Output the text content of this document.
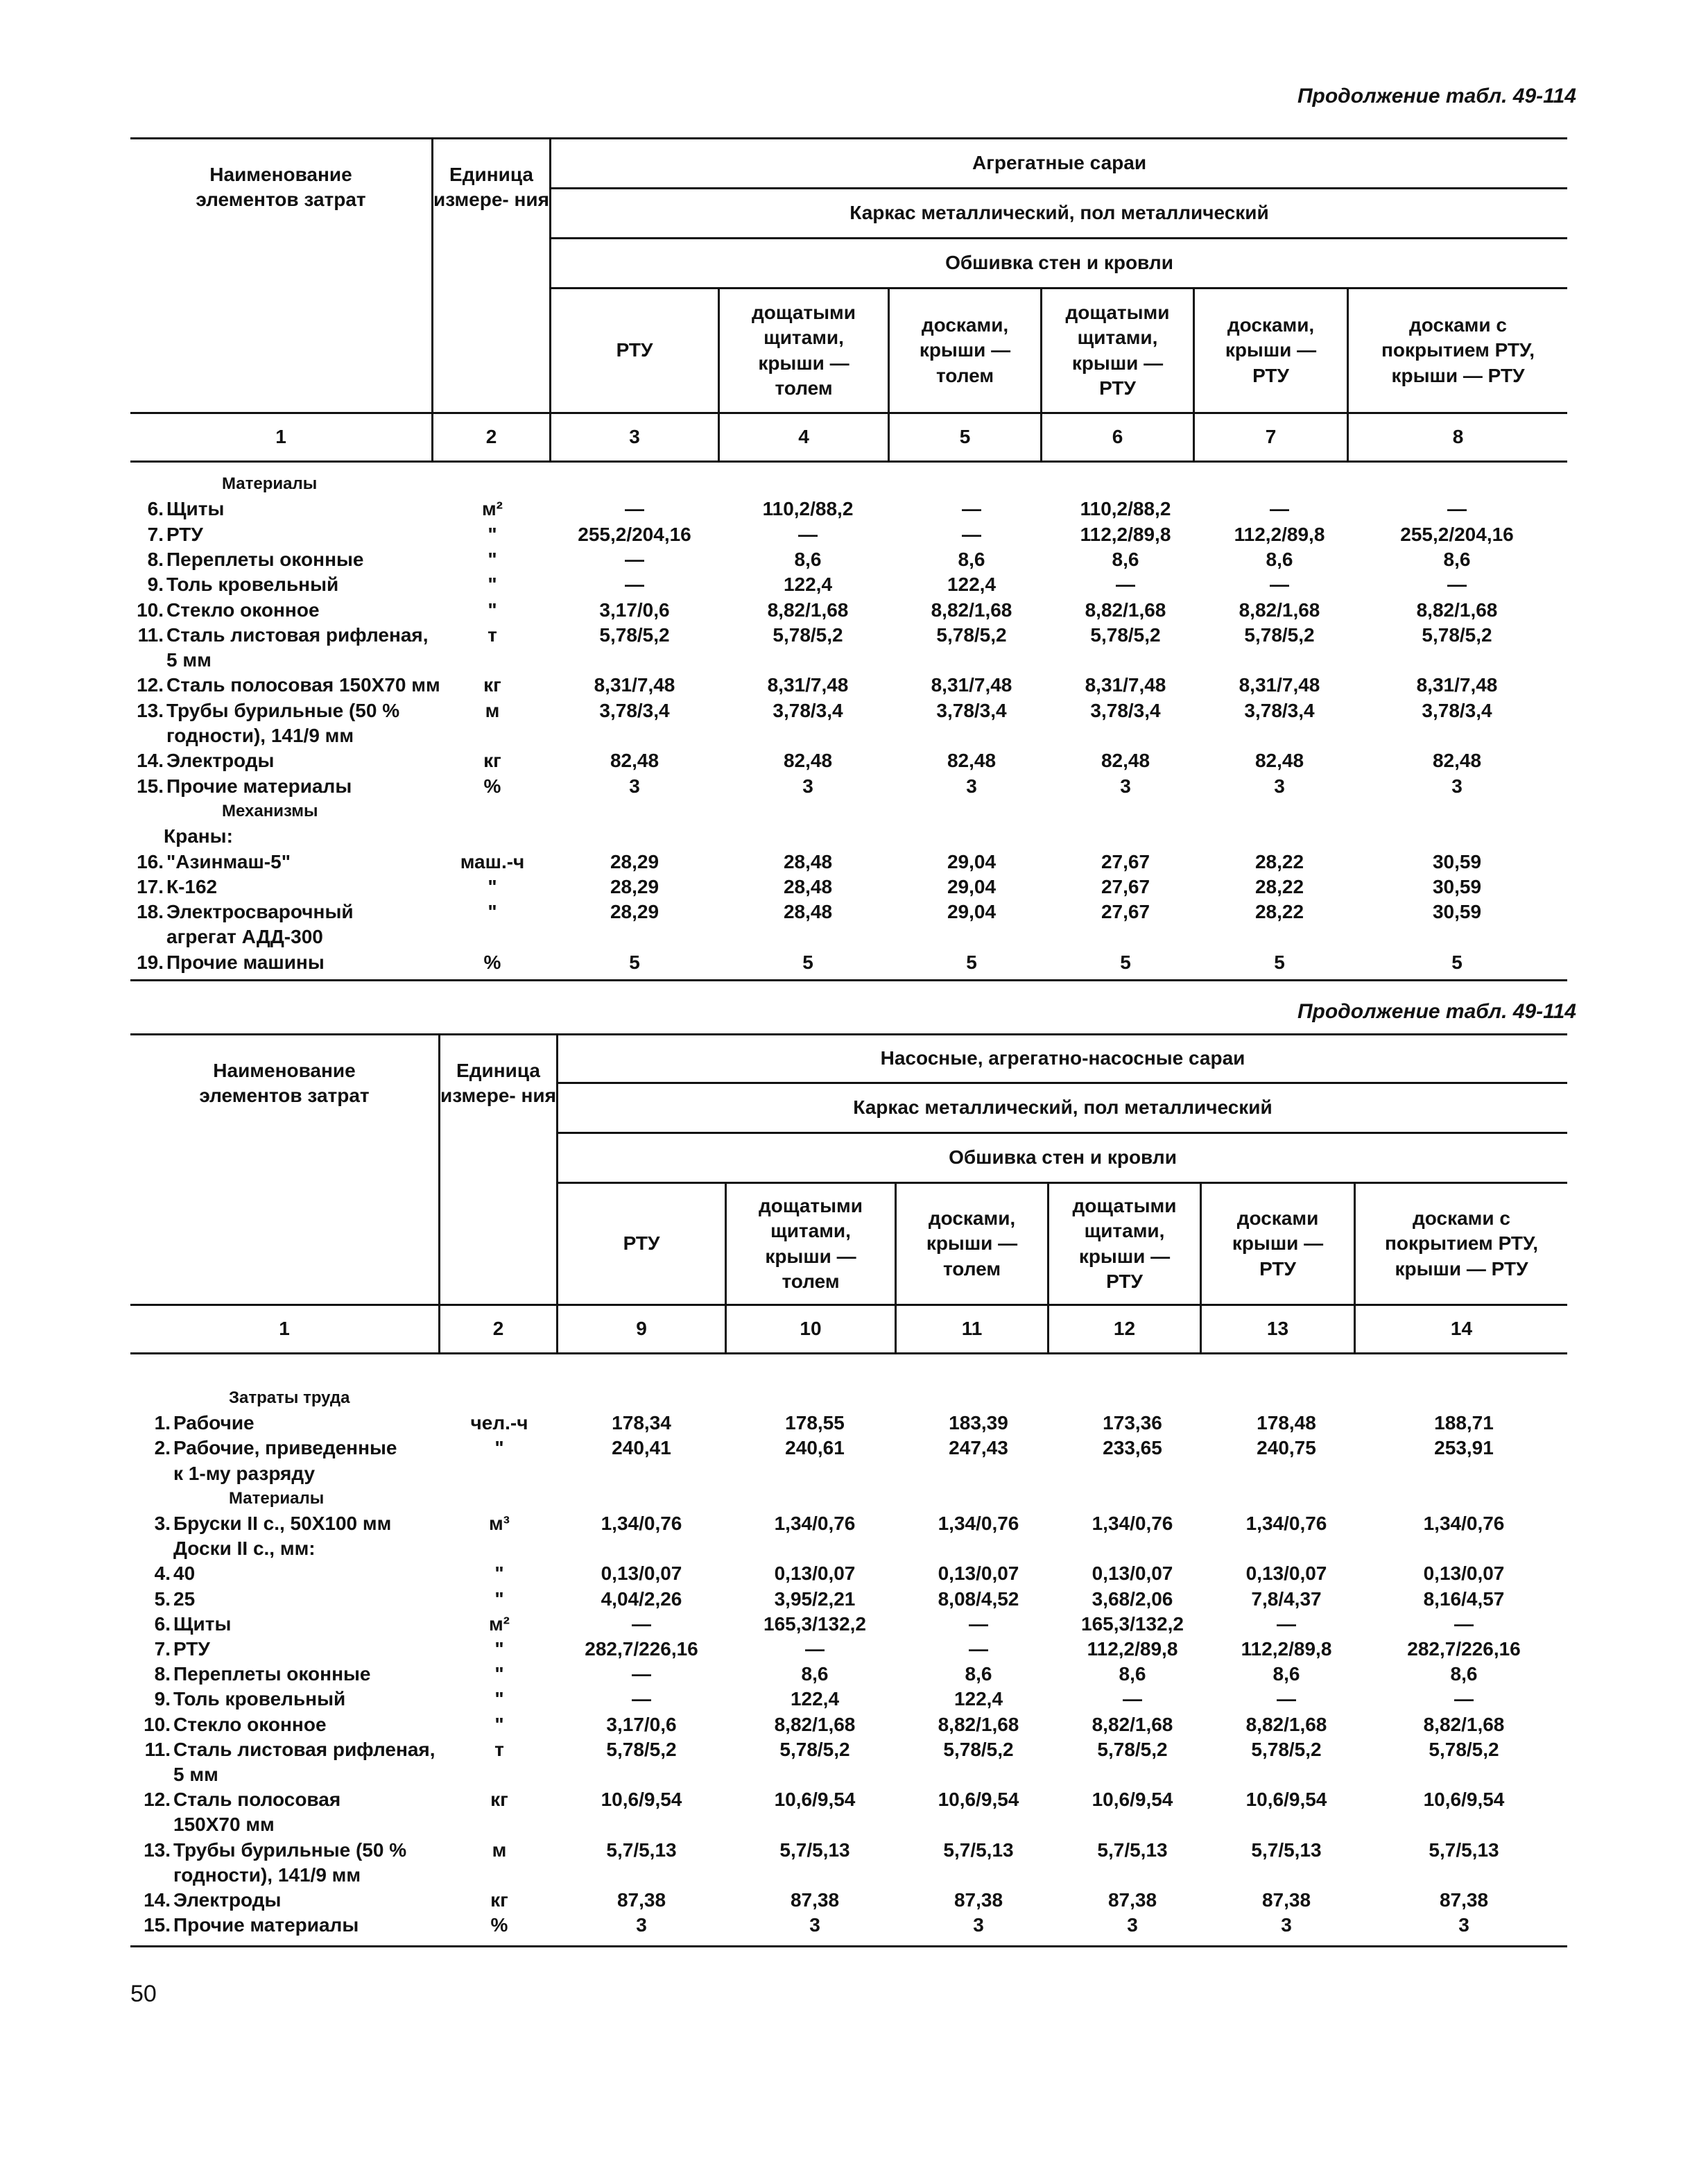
Продолжение табл. 49-114
Наименование элементов затрат
Единица измере- ния
Агрегатные сараи
Каркас металлический, пол металлический
Обшивка стен и кровли
РТУ
дощатыми щитами, крыши — толем
досками, крыши — толем
дощатыми щитами, крыши — РТУ
досками, крыши — РТУ
досками с покрытием РТУ, крыши — РТУ
1	2	3	4	5	6	7	8
Материалы
6. Щиты	м²	—	110,2/88,2	—	110,2/88,2	—	—
7. РТУ	"	255,2/204,16	—	—	112,2/89,8	112,2/89,8	255,2/204,16
8. Переплеты оконные	"	—	8,6	8,6	8,6	8,6	8,6
9. Толь кровельный	"	—	122,4	122,4	—	—	—
10. Стекло оконное	"	3,17/0,6	8,82/1,68	8,82/1,68	8,82/1,68	8,82/1,68	8,82/1,68
11. Сталь листовая рифленая,	т	5,78/5,2	5,78/5,2	5,78/5,2	5,78/5,2	5,78/5,2	5,78/5,2
5 мм
12. Сталь полосовая 150X70 мм	кг	8,31/7,48	8,31/7,48	8,31/7,48	8,31/7,48	8,31/7,48	8,31/7,48
13. Трубы бурильные (50 %	м	3,78/3,4	3,78/3,4	3,78/3,4	3,78/3,4	3,78/3,4	3,78/3,4
годности), 141/9 мм
14. Электроды	кг	82,48	82,48	82,48	82,48	82,48	82,48
15. Прочие материалы	%	3	3	3	3	3	3
Механизмы
Краны:
16. "Азинмаш-5"	маш.-ч	28,29	28,48	29,04	27,67	28,22	30,59
17. К-162	"	28,29	28,48	29,04	27,67	28,22	30,59
18. Электросварочный	"	28,29	28,48	29,04	27,67	28,22	30,59
агрегат АДД-300
19. Прочие машины	%	5	5	5	5	5	5
Продолжение табл. 49-114
Наименование элементов затрат
Единица измере- ния
Насосные, агрегатно-насосные сараи
Каркас металлический, пол металлический
Обшивка стен и кровли
РТУ
дощатыми щитами, крыши — толем
досками, крыши — толем
дощатыми щитами, крыши — РТУ
досками крыши — РТУ
досками с покрытием РТУ, крыши — РТУ
1	2	9	10	11	12	13	14
Затраты труда
1. Рабочие	чел.-ч	178,34	178,55	183,39	173,36	178,48	188,71
2. Рабочие, приведенные	"	240,41	240,61	247,43	233,65	240,75	253,91
к 1-му разряду
Материалы
3. Бруски II с., 50X100 мм	м³	1,34/0,76	1,34/0,76	1,34/0,76	1,34/0,76	1,34/0,76	1,34/0,76
Доски II с., мм:
4. 40	"	0,13/0,07	0,13/0,07	0,13/0,07	0,13/0,07	0,13/0,07	0,13/0,07
5. 25	"	4,04/2,26	3,95/2,21	8,08/4,52	3,68/2,06	7,8/4,37	8,16/4,57
6. Щиты	м²	—	165,3/132,2	—	165,3/132,2	—	—
7. РТУ	"	282,7/226,16	—	—	112,2/89,8	112,2/89,8	282,7/226,16
8. Переплеты оконные	"	—	8,6	8,6	8,6	8,6	8,6
9. Толь кровельный	"	—	122,4	122,4	—	—	—
10. Стекло оконное	"	3,17/0,6	8,82/1,68	8,82/1,68	8,82/1,68	8,82/1,68	8,82/1,68
11. Сталь листовая рифленая,	т	5,78/5,2	5,78/5,2	5,78/5,2	5,78/5,2	5,78/5,2	5,78/5,2
5 мм
12. Сталь полосовая	кг	10,6/9,54	10,6/9,54	10,6/9,54	10,6/9,54	10,6/9,54	10,6/9,54
150X70 мм
13. Трубы бурильные (50 %	м	5,7/5,13	5,7/5,13	5,7/5,13	5,7/5,13	5,7/5,13	5,7/5,13
годности), 141/9 мм
14. Электроды	кг	87,38	87,38	87,38	87,38	87,38	87,38
15. Прочие материалы	%	3	3	3	3	3	3
50
